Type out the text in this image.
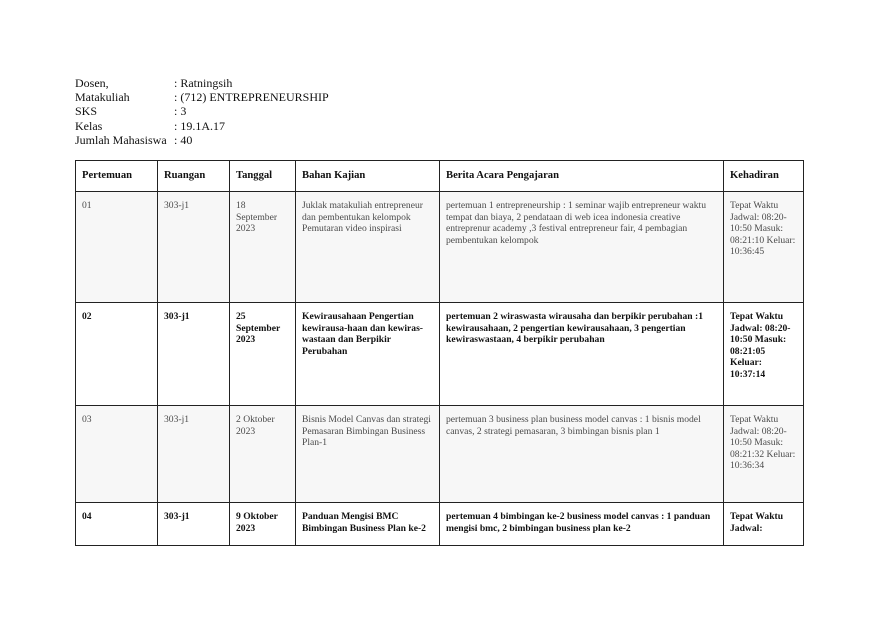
Dosen,	: Ratningsih
Matakuliah	: (712) ENTREPRENEURSHIP
SKS	: 3
Kelas	: 19.1A.17
Jumlah Mahasiswa : 40
Pertemuan	Ruangan	Tanggal	Bahan Kajian	Berita Acara Pengajaran	Kehadiran
01	303-j1	18 September 2023	Juklak matakuliah entrepreneur dan pembentukan kelompok Pemutaran video inspirasi	pertemuan 1 entrepreneurship : 1 seminar wajib entrepreneur waktu tempat dan biaya, 2 pendataan di web icea indonesia creative entreprenur academy ,3 festival entrepreneur fair, 4 pembagian pembentukan kelompok	Tepat Waktu Jadwal: 08:20-10:50 Masuk: 08:21:10 Keluar: 10:36:45
02	303-j1	25 September 2023	Kewirausahaan Pengertian kewirausa-haan dan kewiras-wastaan dan Berpikir Perubahan	pertemuan 2 wiraswasta wirausaha dan berpikir perubahan :1 kewirausahaan, 2 pengertian kewirausahaan, 3 pengertian kewiraswastaan, 4 berpikir perubahan	Tepat Waktu Jadwal: 08:20-10:50 Masuk: 08:21:05 Keluar: 10:37:14
03	303-j1	2 Oktober 2023	Bisnis Model Canvas dan strategi Pemasaran Bimbingan Business Plan-1	pertemuan 3 business plan business model canvas : 1 bisnis model canvas, 2 strategi pemasaran, 3 bimbingan bisnis plan 1	Tepat Waktu Jadwal: 08:20-10:50 Masuk: 08:21:32 Keluar: 10:36:34
04	303-j1	9 Oktober 2023	Panduan Mengisi BMC Bimbingan Business Plan ke-2	pertemuan 4 bimbingan ke-2 business model canvas : 1 panduan mengisi bmc, 2 bimbingan business plan ke-2	Tepat Waktu Jadwal:
